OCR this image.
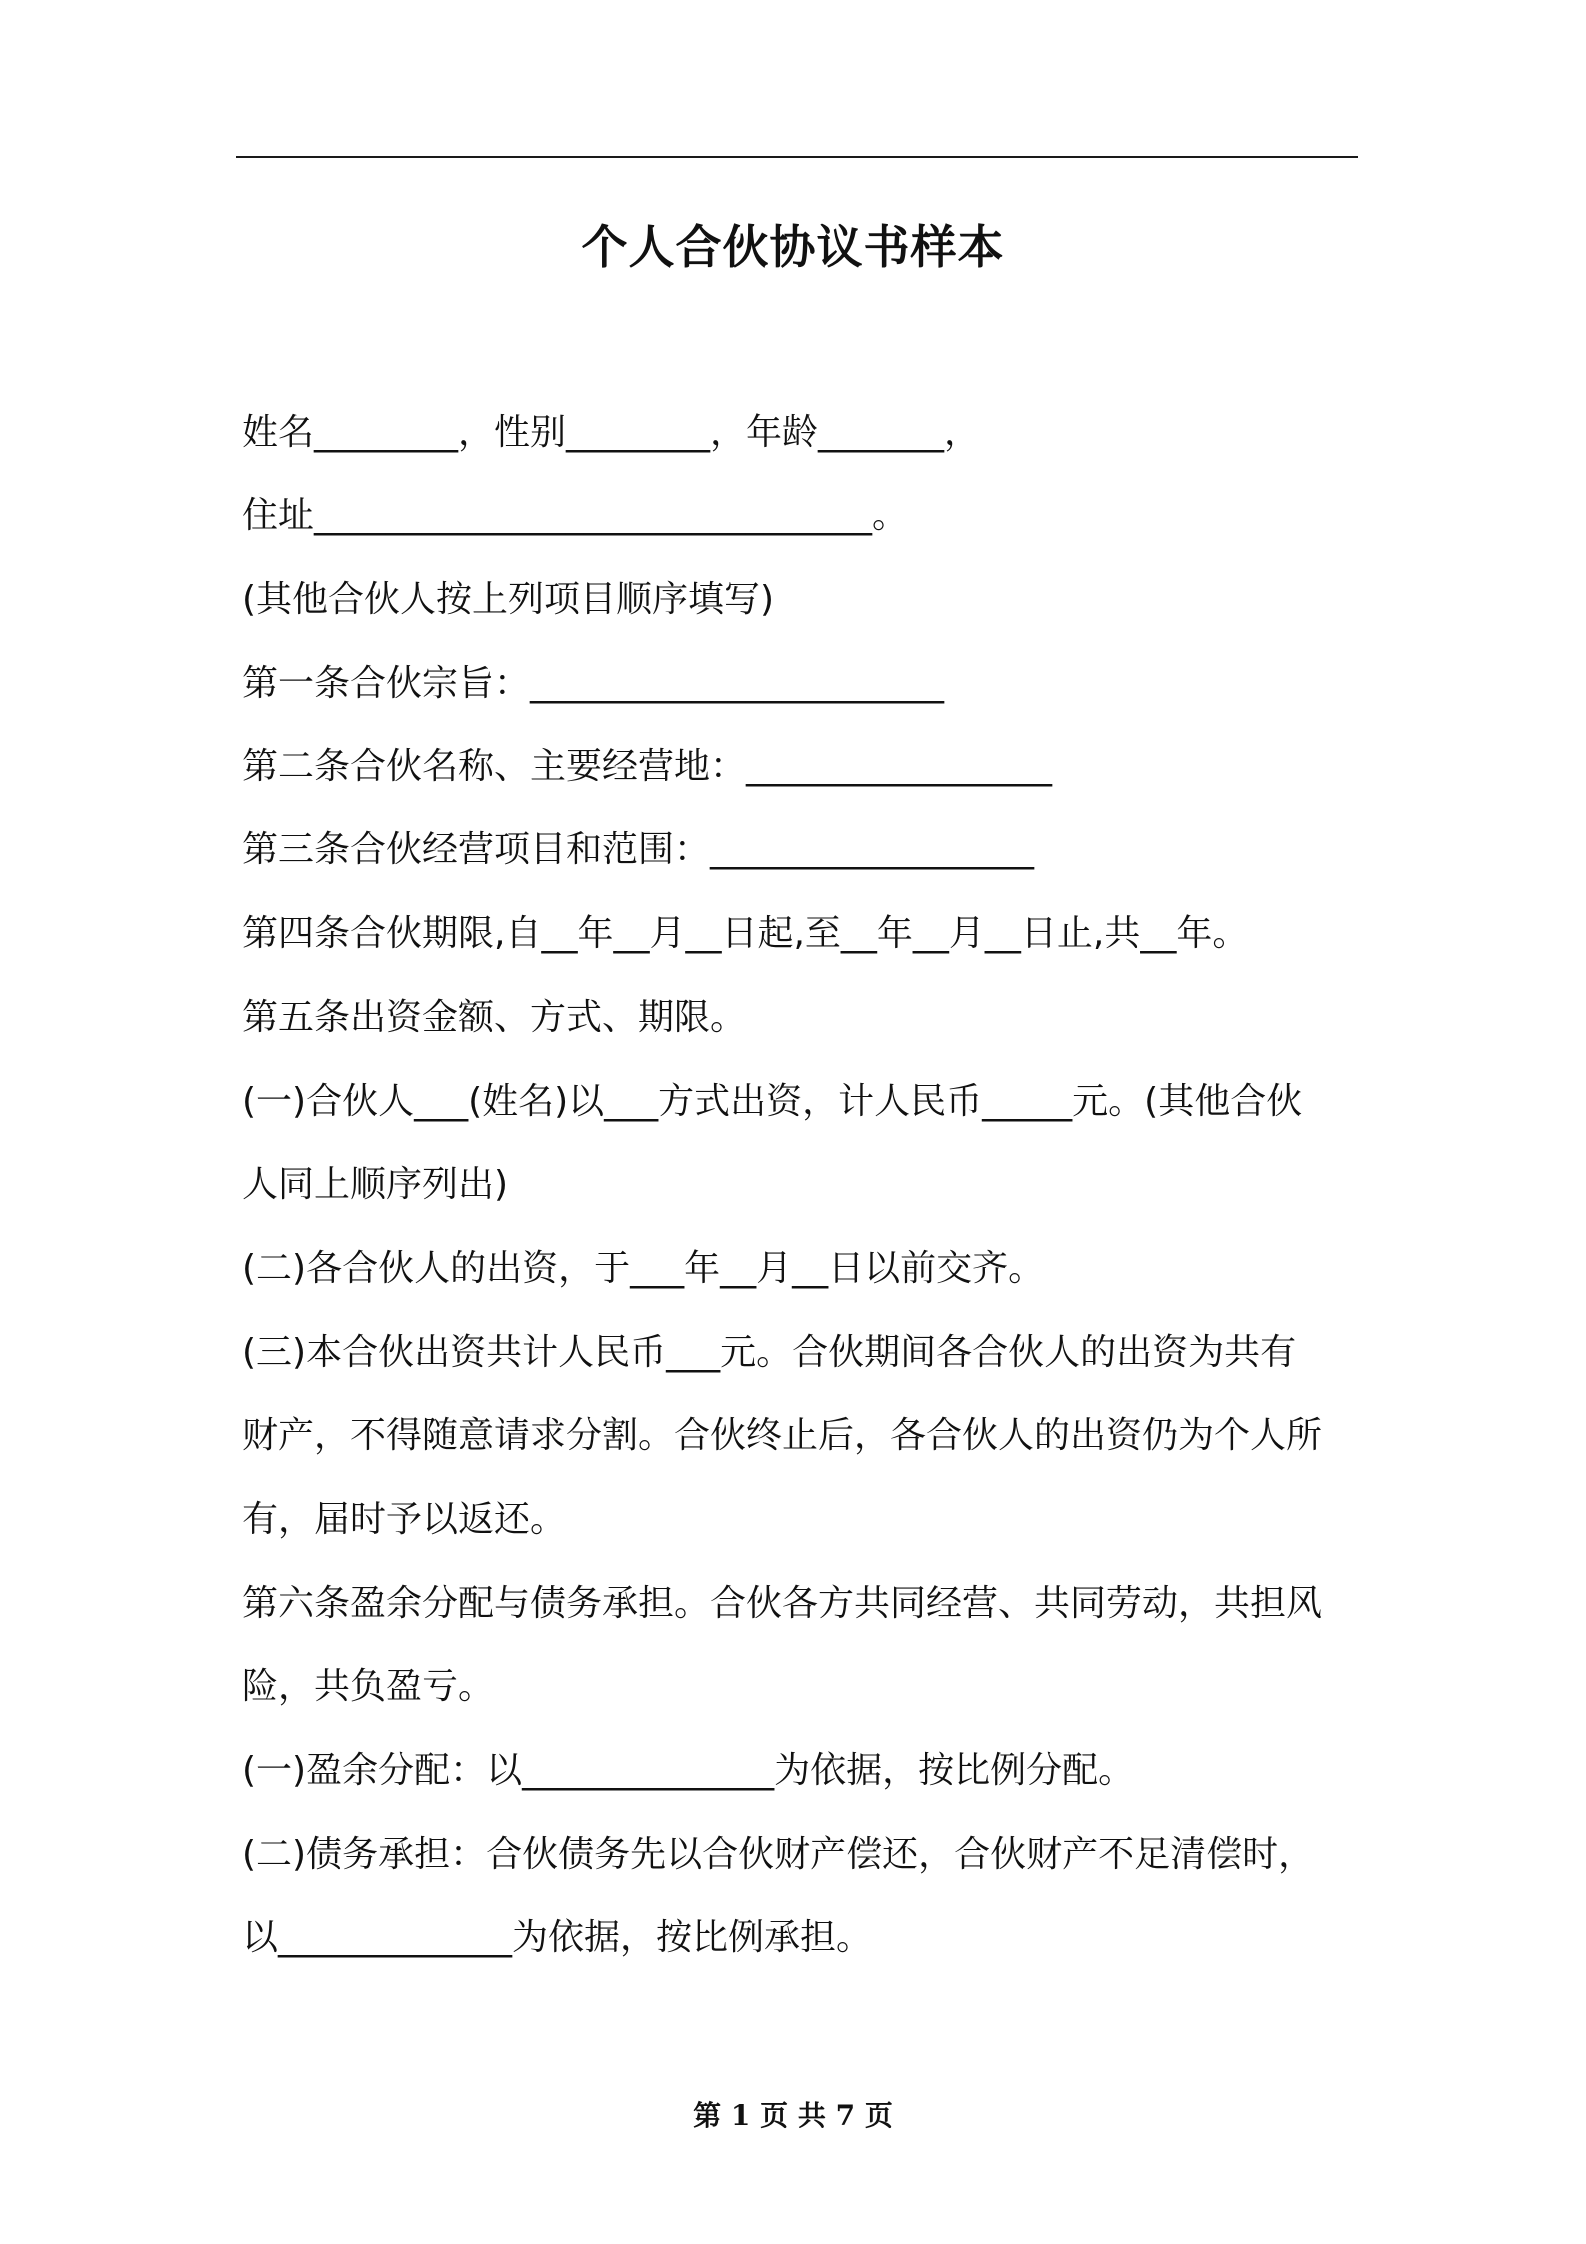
个人合伙协议书样本
姓名________，性别________，年龄_______，
住址_______________________________。
(其他合伙人按上列项目顺序填写)
第一条合伙宗旨：_______________________
第二条合伙名称、主要经营地：_________________
第三条合伙经营项目和范围：__________________
第四条合伙期限,自__年__月__日起,至__年__月__日止,共__年。
第五条出资金额、方式、期限。
(一)合伙人___(姓名)以___方式出资，计人民币_____元。(其他合伙
人同上顺序列出)
(二)各合伙人的出资，于___年__月__日以前交齐。
(三)本合伙出资共计人民币___元。合伙期间各合伙人的出资为共有
财产，不得随意请求分割。合伙终止后，各合伙人的出资仍为个人所
有，届时予以返还。
第六条盈余分配与债务承担。合伙各方共同经营、共同劳动，共担风
险，共负盈亏。
(一)盈余分配：以______________为依据，按比例分配。
(二)债务承担：合伙债务先以合伙财产偿还，合伙财产不足清偿时，
以_____________为依据，按比例承担。
第 1 页 共 7 页
